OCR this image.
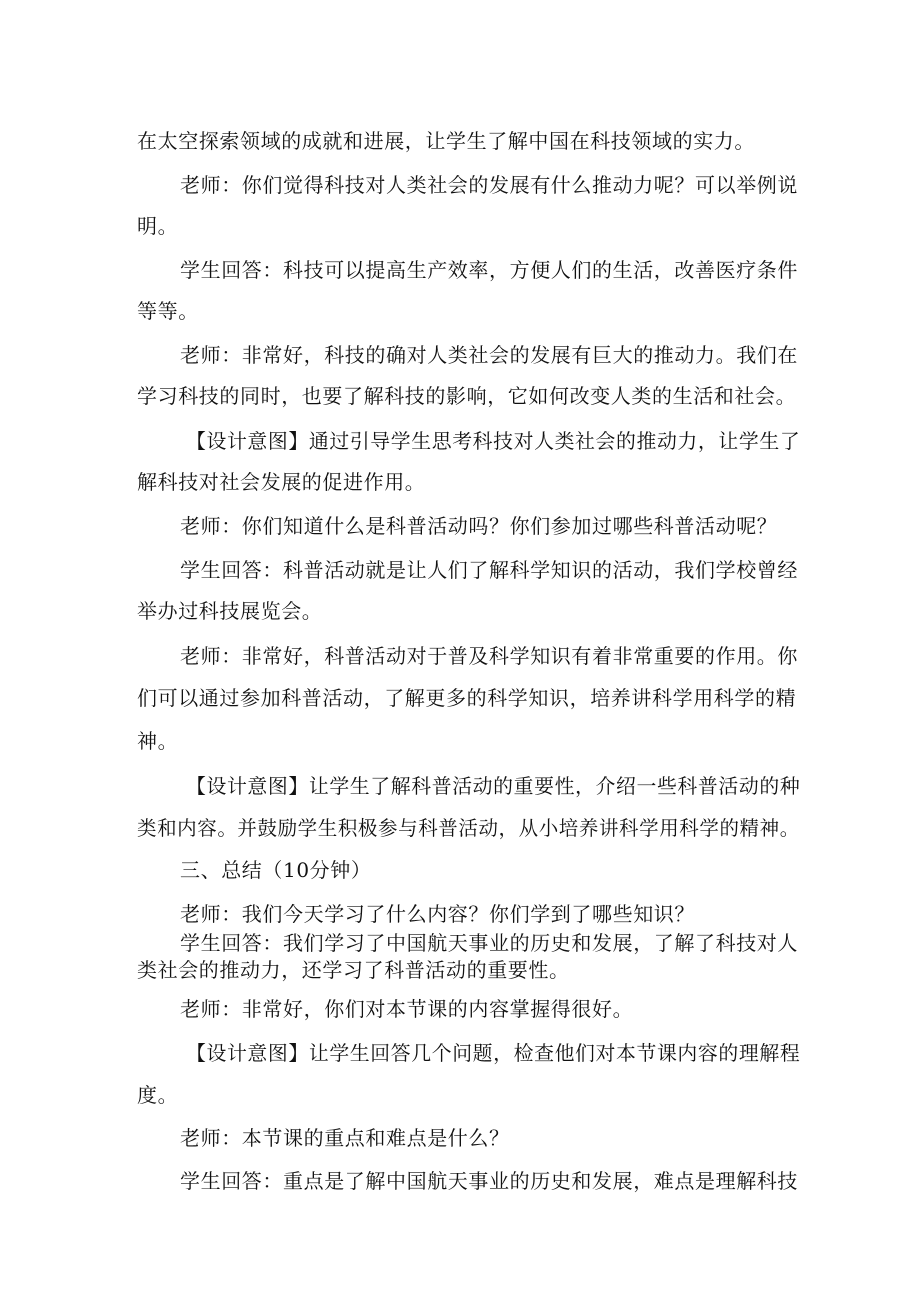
在太空探索领域的成就和进展，让学生了解中国在科技领域的实力。
老师：你们觉得科技对人类社会的发展有什么推动力呢？可以举例说
明。
学生回答：科技可以提高生产效率，方便人们的生活，改善医疗条件
等等。
老师：非常好，科技的确对人类社会的发展有巨大的推动力。我们在
学习科技的同时，也要了解科技的影响，它如何改变人类的生活和社会。
【设计意图】通过引导学生思考科技对人类社会的推动力，让学生了
解科技对社会发展的促进作用。
老师：你们知道什么是科普活动吗？你们参加过哪些科普活动呢？
学生回答：科普活动就是让人们了解科学知识的活动，我们学校曾经
举办过科技展览会。
老师：非常好，科普活动对于普及科学知识有着非常重要的作用。你
们可以通过参加科普活动，了解更多的科学知识，培养讲科学用科学的精
神。
【设计意图】让学生了解科普活动的重要性，介绍一些科普活动的种
类和内容。并鼓励学生积极参与科普活动，从小培养讲科学用科学的精神。
三、总结（10分钟）
老师：我们今天学习了什么内容？你们学到了哪些知识？
学生回答：我们学习了中国航天事业的历史和发展，了解了科技对人
类社会的推动力，还学习了科普活动的重要性。
老师：非常好，你们对本节课的内容掌握得很好。
【设计意图】让学生回答几个问题，检查他们对本节课内容的理解程
度。
老师：本节课的重点和难点是什么？
学生回答：重点是了解中国航天事业的历史和发展，难点是理解科技
